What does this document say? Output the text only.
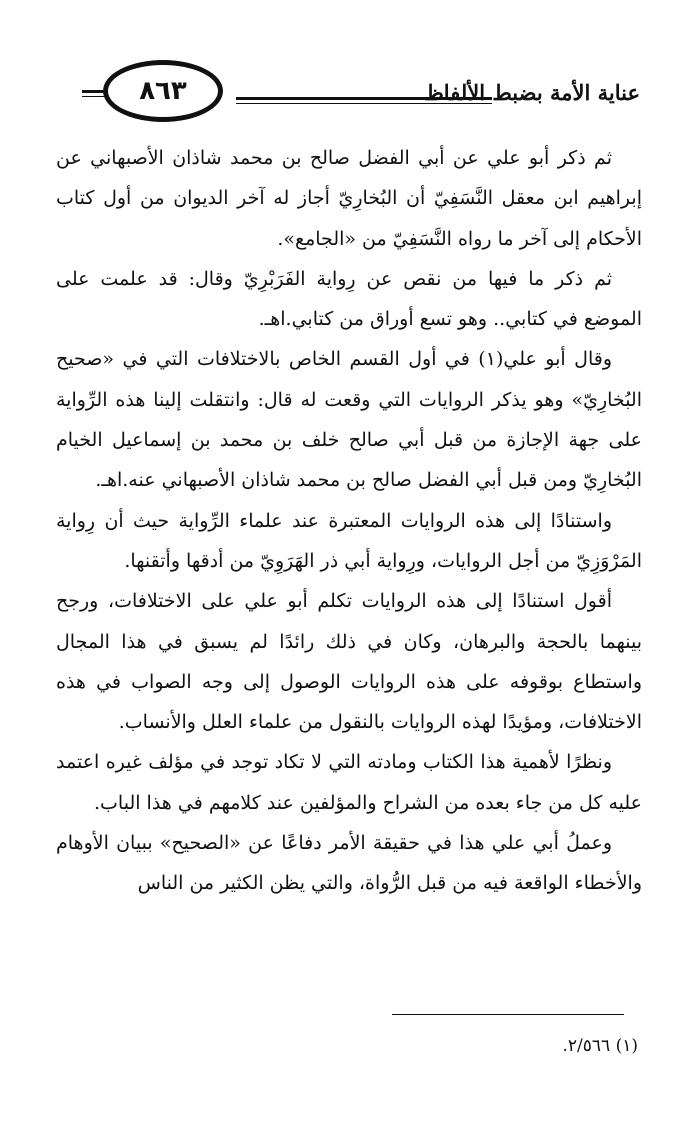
٨٦٣	عناية الأمة بضبط الألفاظ

ثم ذكر أبو علي عن أبي الفضل صالح بن محمد شاذان الأصبهاني عن إبراهيم ابن معقل النَّسَفِيّ أن البُخارِيّ أجاز له آخر الديوان من أول كتاب الأحكام إلى آخر ما رواه النَّسَفِيّ من «الجامع».

ثم ذكر ما فيها من نقص عن رِواية الفَرَبْرِيّ وقال: قد علمت على الموضع في كتابي.. وهو تسع أوراق من كتابي.اهـ.

وقال أبو علي(١) في أول القسم الخاص بالاختلافات التي في «صحيح البُخارِيّ» وهو يذكر الروايات التي وقعت له قال: وانتقلت إلينا هذه الرِّواية على جهة الإجازة من قبل أبي صالح خلف بن محمد بن إسماعيل الخيام البُخارِيّ ومن قبل أبي الفضل صالح بن محمد شاذان الأصبهاني عنه.اهـ.

واستنادًا إلى هذه الروايات المعتبرة عند علماء الرِّواية حيث أن رِواية المَرْوَزِيّ من أجل الروايات، ورِواية أبي ذر الهَرَوِيّ من أدقها وأتقنها.

أقول استنادًا إلى هذه الروايات تكلم أبو علي على الاختلافات، ورجح بينهما بالحجة والبرهان، وكان في ذلك رائدًا لم يسبق في هذا المجال واستطاع بوقوفه على هذه الروايات الوصول إلى وجه الصواب في هذه الاختلافات، ومؤيدًا لهذه الروايات بالنقول من علماء العلل والأنساب.

ونظرًا لأهمية هذا الكتاب ومادته التي لا تكاد توجد في مؤلف غيره اعتمد عليه كل من جاء بعده من الشراح والمؤلفين عند كلامهم في هذا الباب.

وعملُ أبي علي هذا في حقيقة الأمر دفاعًا عن «الصحيح» ببيان الأوهام والأخطاء الواقعة فيه من قبل الرُّواة، والتي يظن الكثير من الناس

(١) ٢/٥٦٦.
